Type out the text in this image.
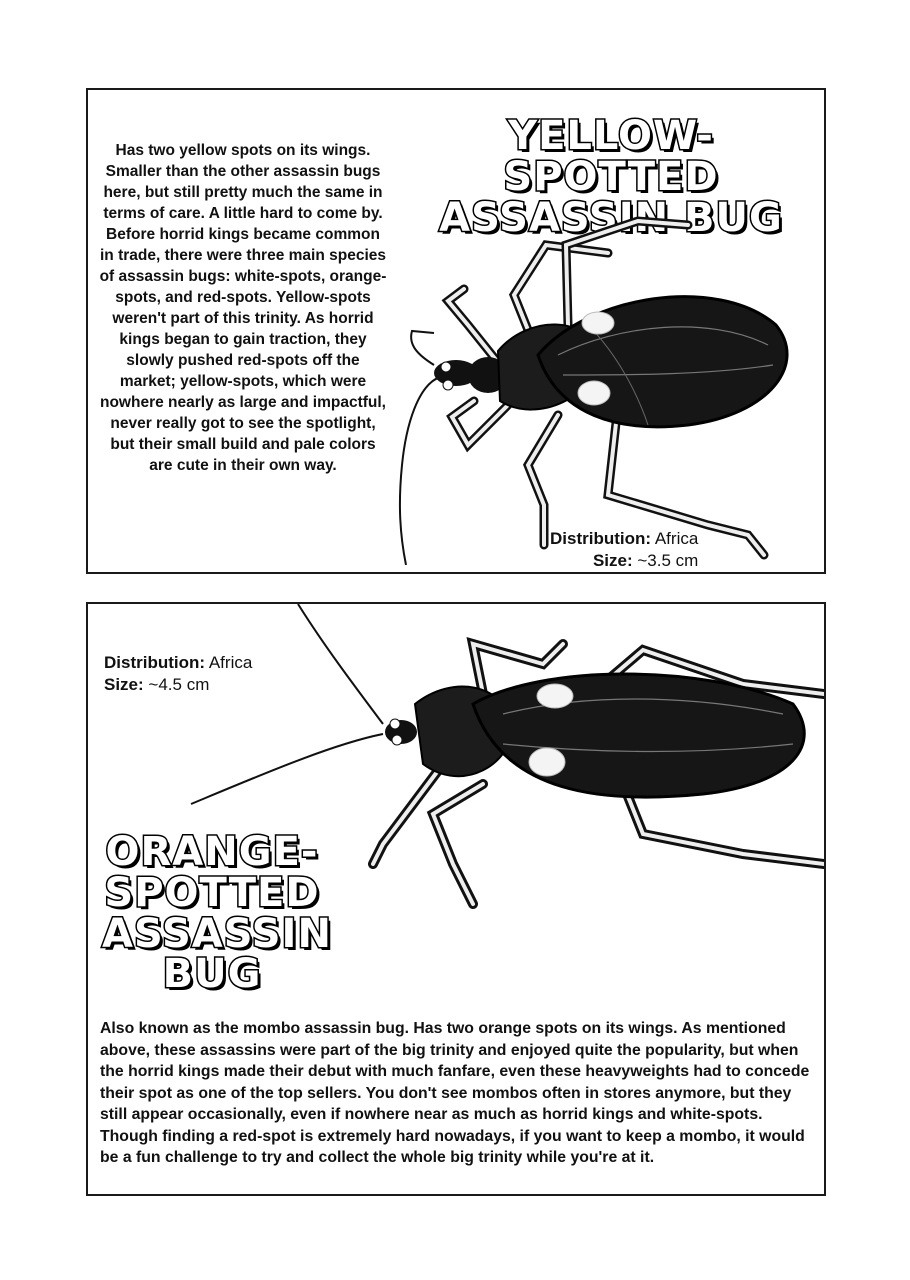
YELLOW-SPOTTED ASSASSIN BUG

Has two yellow spots on its wings. Smaller than the other assassin bugs here, but still pretty much the same in terms of care. A little hard to come by. Before horrid kings became common in trade, there were three main species of assassin bugs: white-spots, orange-spots, and red-spots. Yellow-spots weren't part of this trinity. As horrid kings began to gain traction, they slowly pushed red-spots off the market; yellow-spots, which were nowhere nearly as large and impactful, never really got to see the spotlight, but their small build and pale colors are cute in their own way.

Distribution: Africa
Size: ~3.5 cm
Distribution: Africa
Size: ~4.5 cm
ORANGE-SPOTTED ASSASSIN BUG

Also known as the mombo assassin bug. Has two orange spots on its wings. As mentioned above, these assassins were part of the big trinity and enjoyed quite the popularity, but when the horrid kings made their debut with much fanfare, even these heavyweights had to concede their spot as one of the top sellers. You don't see mombos often in stores anymore, but they still appear occasionally, even if nowhere near as much as horrid kings and white-spots. Though finding a red-spot is extremely hard nowadays, if you want to keep a mombo, it would be a fun challenge to try and collect the whole big trinity while you're at it.
